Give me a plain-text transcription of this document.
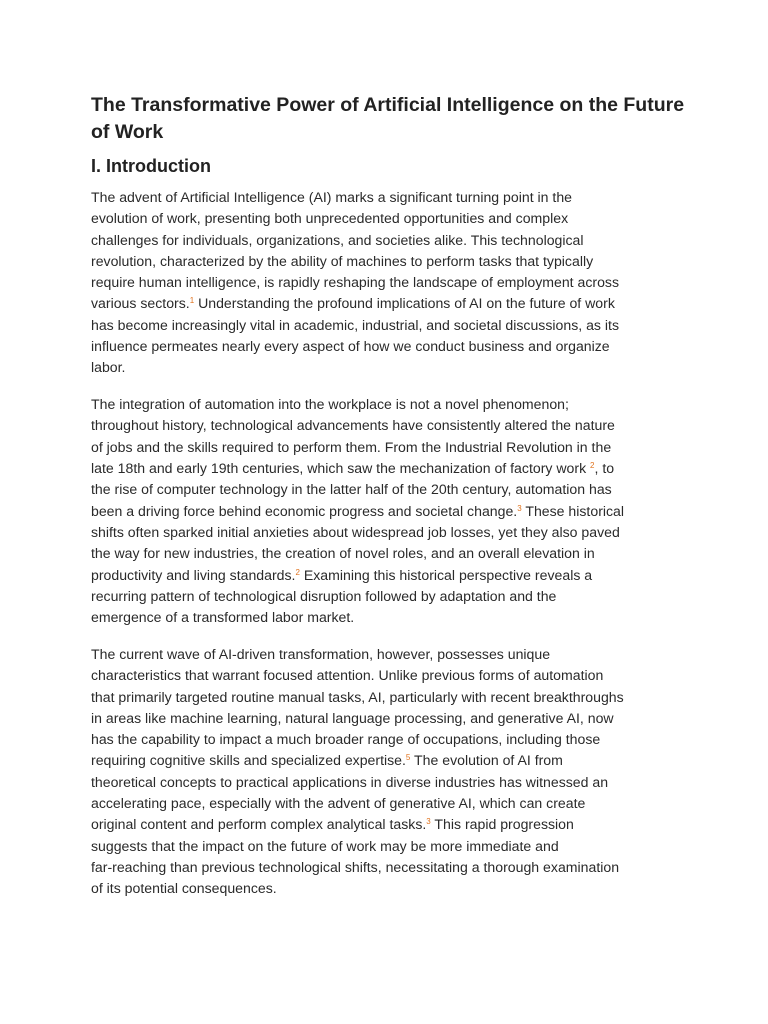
The Transformative Power of Artificial Intelligence on the Future of Work
I. Introduction

The advent of Artificial Intelligence (AI) marks a significant turning point in the
evolution of work, presenting both unprecedented opportunities and complex
challenges for individuals, organizations, and societies alike. This technological
revolution, characterized by the ability of machines to perform tasks that typically
require human intelligence, is rapidly reshaping the landscape of employment across
various sectors.$^1$ Understanding the profound implications of AI on the future of work
has become increasingly vital in academic, industrial, and societal discussions, as its
influence permeates nearly every aspect of how we conduct business and organize
labor.

The integration of automation into the workplace is not a novel phenomenon;
throughout history, technological advancements have consistently altered the nature
of jobs and the skills required to perform them. From the Industrial Revolution in the
late 18th and early 19th centuries, which saw the mechanization of factory work $^2$, to
the rise of computer technology in the latter half of the 20th century, automation has
been a driving force behind economic progress and societal change.$^3$ These historical
shifts often sparked initial anxieties about widespread job losses, yet they also paved
the way for new industries, the creation of novel roles, and an overall elevation in
productivity and living standards.$^2$ Examining this historical perspective reveals a
recurring pattern of technological disruption followed by adaptation and the
emergence of a transformed labor market.

The current wave of AI-driven transformation, however, possesses unique
characteristics that warrant focused attention. Unlike previous forms of automation
that primarily targeted routine manual tasks, AI, particularly with recent breakthroughs
in areas like machine learning, natural language processing, and generative AI, now
has the capability to impact a much broader range of occupations, including those
requiring cognitive skills and specialized expertise.$^5$ The evolution of AI from
theoretical concepts to practical applications in diverse industries has witnessed an
accelerating pace, especially with the advent of generative AI, which can create
original content and perform complex analytical tasks.$^3$ This rapid progression
suggests that the impact on the future of work may be more immediate and
far-reaching than previous technological shifts, necessitating a thorough examination
of its potential consequences.
